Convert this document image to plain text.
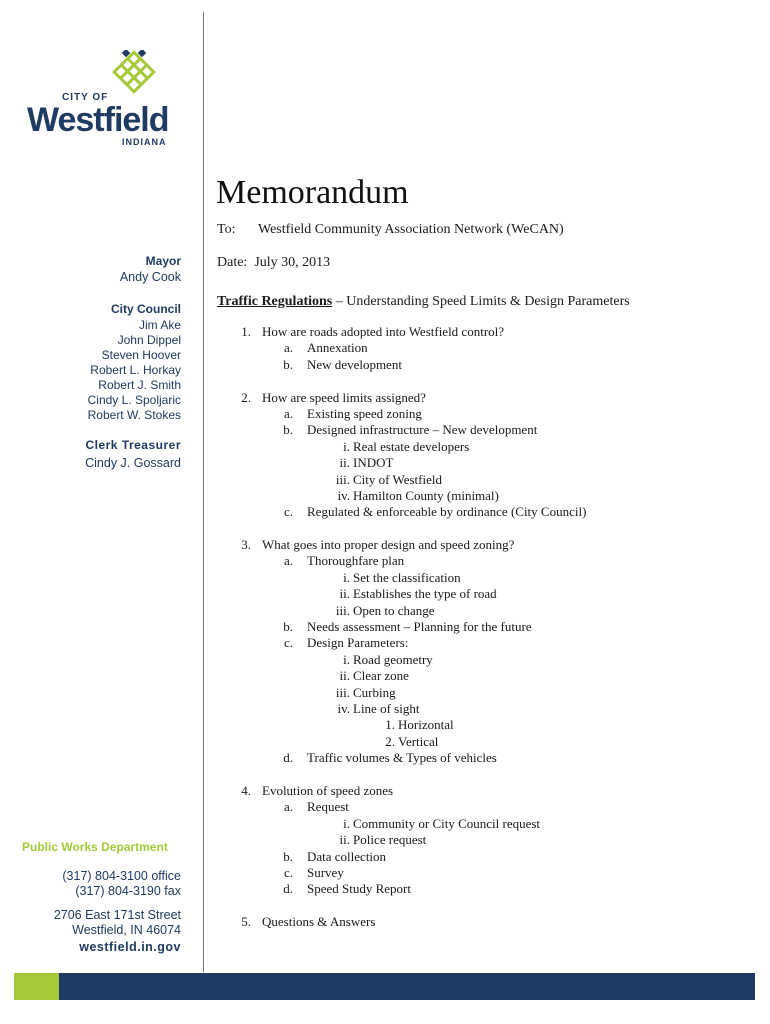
CITY OF
Westfield
INDIANA
Mayor
Andy Cook
City Council
Jim Ake
John Dippel
Steven Hoover
Robert L. Horkay
Robert J. Smith
Cindy L. Spoljaric
Robert W. Stokes
Clerk Treasurer
Cindy J. Gossard
Public Works Department
(317) 804-3100 office
(317) 804-3190 fax
2706 East 171st Street
Westfield, IN 46074
westfield.in.gov
Memorandum
To: Westfield Community Association Network (WeCAN)
Date: July 30, 2013
Traffic Regulations – Understanding Speed Limits & Design Parameters
1. How are roads adopted into Westfield control?
a. Annexation
b. New development
2. How are speed limits assigned?
a. Existing speed zoning
b. Designed infrastructure – New development
i. Real estate developers
ii. INDOT
iii. City of Westfield
iv. Hamilton County (minimal)
c. Regulated & enforceable by ordinance (City Council)
3. What goes into proper design and speed zoning?
a. Thoroughfare plan
i. Set the classification
ii. Establishes the type of road
iii. Open to change
b. Needs assessment – Planning for the future
c. Design Parameters:
i. Road geometry
ii. Clear zone
iii. Curbing
iv. Line of sight
1. Horizontal
2. Vertical
d. Traffic volumes & Types of vehicles
4. Evolution of speed zones
a. Request
i. Community or City Council request
ii. Police request
b. Data collection
c. Survey
d. Speed Study Report
5. Questions & Answers
